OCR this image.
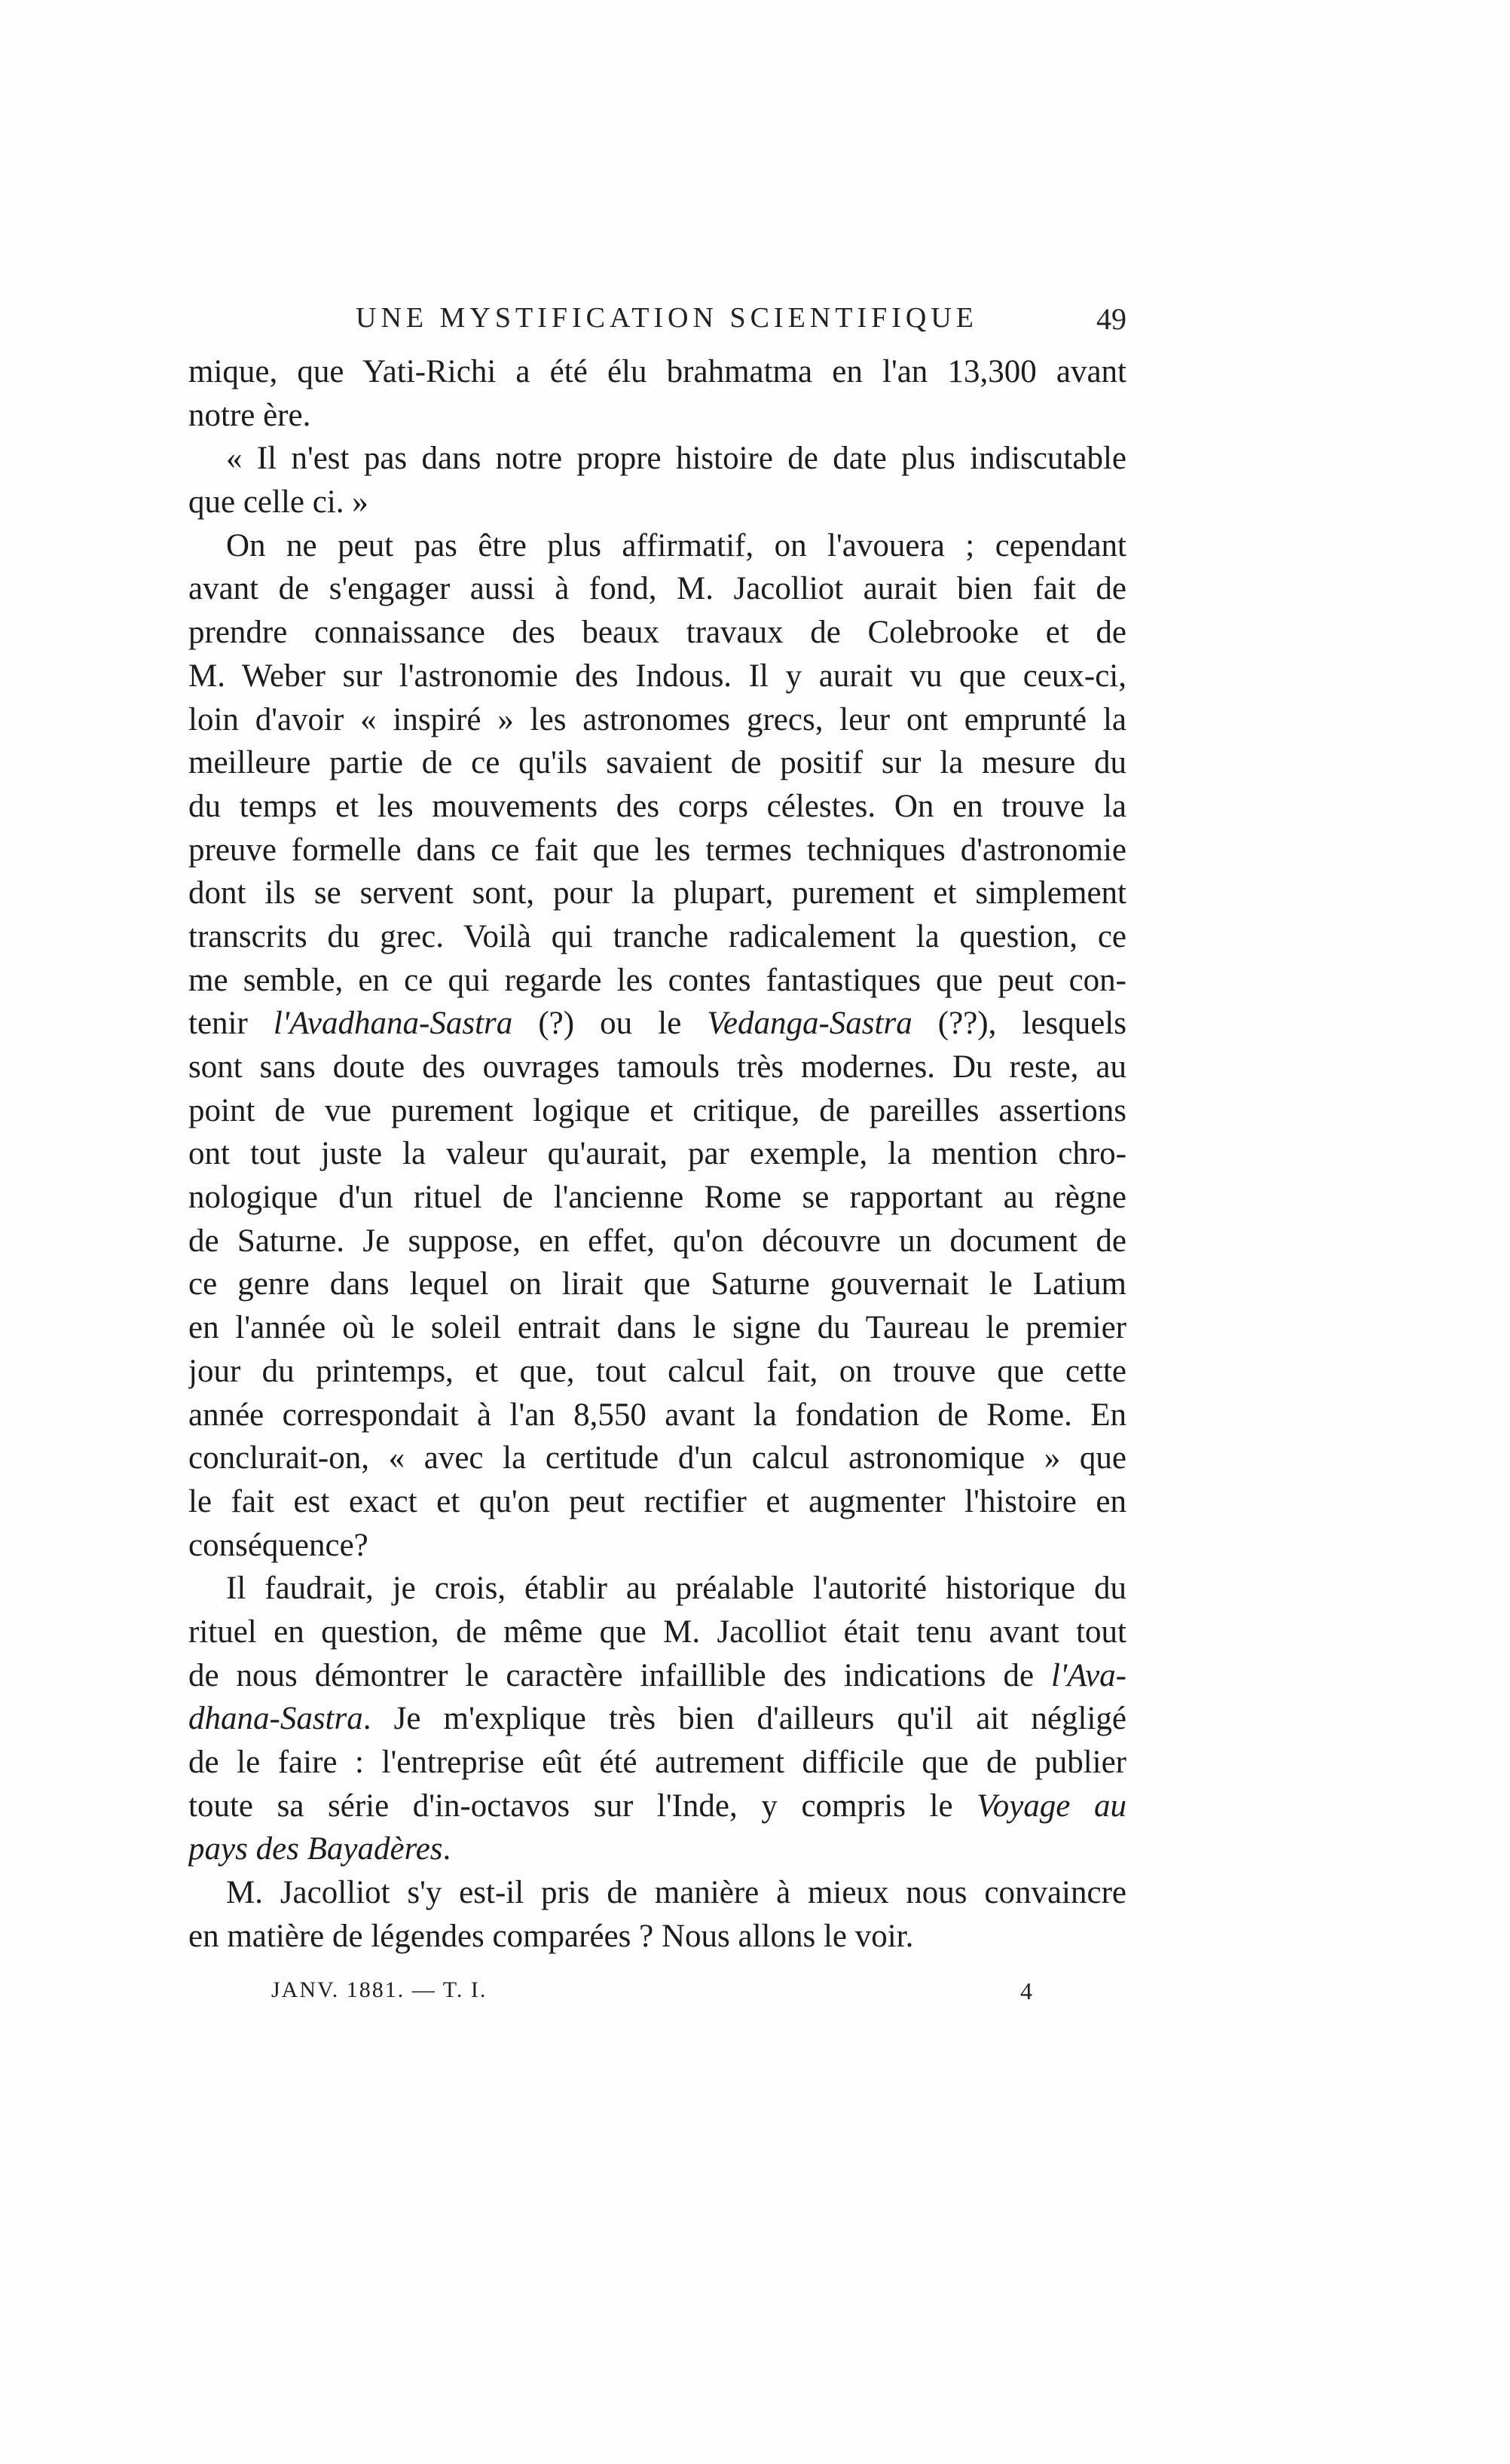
UNE MYSTIFICATION SCIENTIFIQUE	49
mique, que Yati-Richi a été élu brahmatma en l'an 13,300 avant
notre ère.
« Il n'est pas dans notre propre histoire de date plus indiscutable
que celle ci. »
On ne peut pas être plus affirmatif, on l'avouera ; cependant
avant de s'engager aussi à fond, M. Jacolliot aurait bien fait de
prendre connaissance des beaux travaux de Colebrooke et de
M. Weber sur l'astronomie des Indous. Il y aurait vu que ceux-ci,
loin d'avoir « inspiré » les astronomes grecs, leur ont emprunté la
meilleure partie de ce qu'ils savaient de positif sur la mesure du
du temps et les mouvements des corps célestes. On en trouve la
preuve formelle dans ce fait que les termes techniques d'astronomie
dont ils se servent sont, pour la plupart, purement et simplement
transcrits du grec. Voilà qui tranche radicalement la question, ce
me semble, en ce qui regarde les contes fantastiques que peut con-
tenir l'Avadhana-Sastra (?) ou le Vedanga-Sastra (??), lesquels
sont sans doute des ouvrages tamouls très modernes. Du reste, au
point de vue purement logique et critique, de pareilles assertions
ont tout juste la valeur qu'aurait, par exemple, la mention chro-
nologique d'un rituel de l'ancienne Rome se rapportant au règne
de Saturne. Je suppose, en effet, qu'on découvre un document de
ce genre dans lequel on lirait que Saturne gouvernait le Latium
en l'année où le soleil entrait dans le signe du Taureau le premier
jour du printemps, et que, tout calcul fait, on trouve que cette
année correspondait à l'an 8,550 avant la fondation de Rome. En
conclurait-on, « avec la certitude d'un calcul astronomique » que
le fait est exact et qu'on peut rectifier et augmenter l'histoire en
conséquence?
Il faudrait, je crois, établir au préalable l'autorité historique du
rituel en question, de même que M. Jacolliot était tenu avant tout
de nous démontrer le caractère infaillible des indications de l'Ava-
dhana-Sastra. Je m'explique très bien d'ailleurs qu'il ait négligé
de le faire : l'entreprise eût été autrement difficile que de publier
toute sa série d'in-octavos sur l'Inde, y compris le Voyage au
pays des Bayadères.
M. Jacolliot s'y est-il pris de manière à mieux nous convaincre
en matière de légendes comparées ? Nous allons le voir.
JANV. 1881. — T. I.	4
